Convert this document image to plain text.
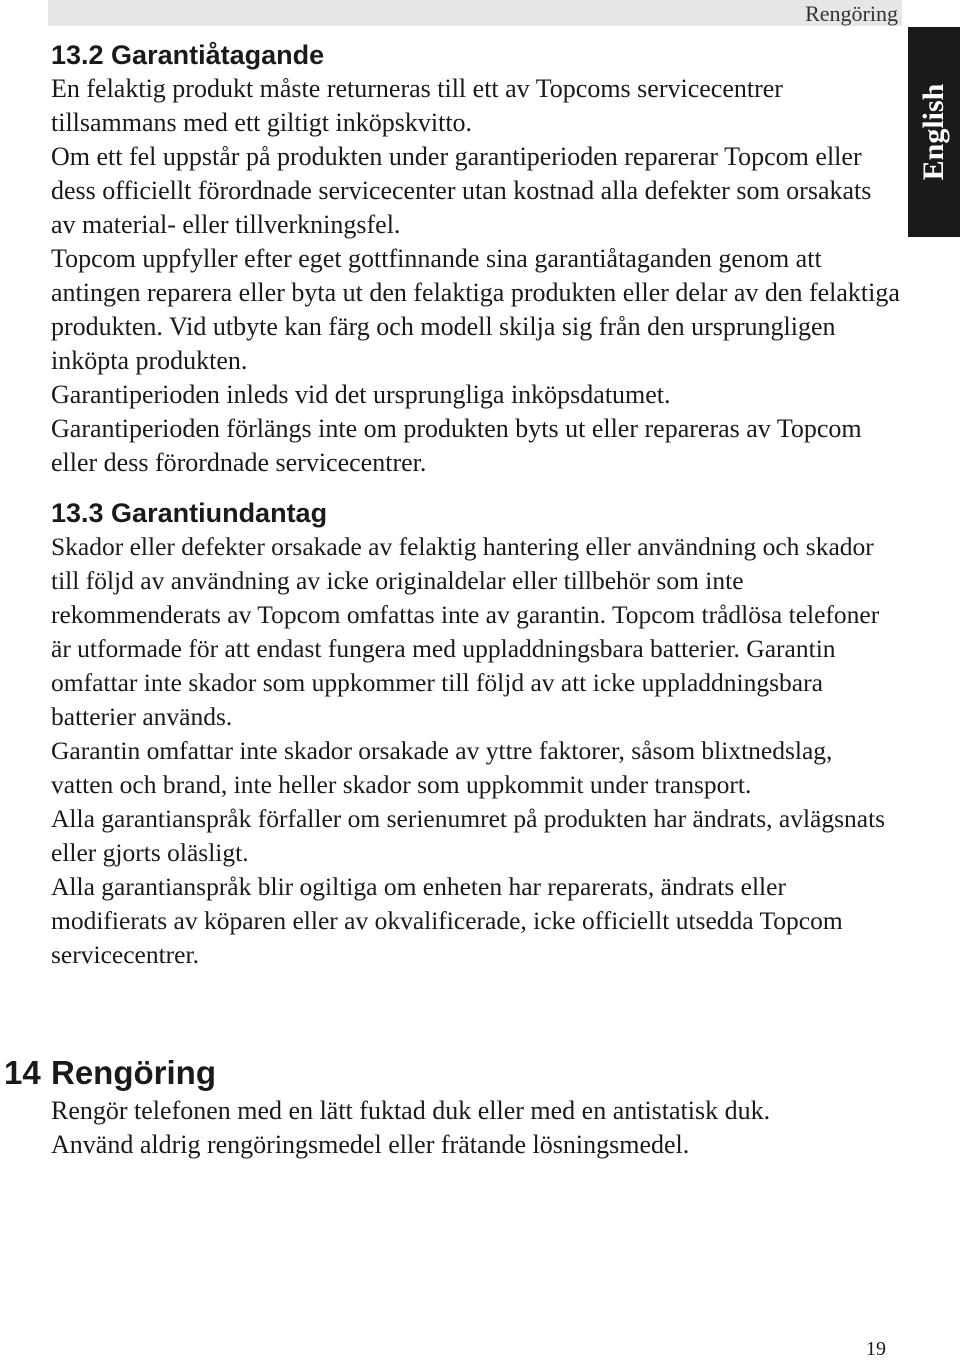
Rengöring
English
13.2 Garantiåtagande

En felaktig produkt måste returneras till ett av Topcoms servicecentrer tillsammans med ett giltigt inköpskvitto.

Om ett fel uppstår på produkten under garantiperioden reparerar Topcom eller dess officiellt förordnade servicecenter utan kostnad alla defekter som orsakats av material- eller tillverkningsfel.

Topcom uppfyller efter eget gottfinnande sina garantiåtaganden genom att antingen reparera eller byta ut den felaktiga produkten eller delar av den felaktiga produkten. Vid utbyte kan färg och modell skilja sig från den ursprungligen inköpta produkten.

Garantiperioden inleds vid det ursprungliga inköpsdatumet.

Garantiperioden förlängs inte om produkten byts ut eller repareras av Topcom eller dess förordnade servicecentrer.

13.3 Garantiundantag

Skador eller defekter orsakade av felaktig hantering eller användning och skador till följd av användning av icke originaldelar eller tillbehör som inte rekommenderats av Topcom omfattas inte av garantin. Topcom trådlösa telefoner är utformade för att endast fungera med uppladdningsbara batterier. Garantin omfattar inte skador som uppkommer till följd av att icke uppladdningsbara batterier används.

Garantin omfattar inte skador orsakade av yttre faktorer, såsom blixtnedslag, vatten och brand, inte heller skador som uppkommit under transport.

Alla garantianspråk förfaller om serienumret på produkten har ändrats, avlägsnats eller gjorts oläsligt.

Alla garantianspråk blir ogiltiga om enheten har reparerats, ändrats eller modifierats av köparen eller av okvalificerade, icke officiellt utsedda Topcom servicecentrer.

14 Rengöring

Rengör telefonen med en lätt fuktad duk eller med en antistatisk duk.

Använd aldrig rengöringsmedel eller frätande lösningsmedel.

19
